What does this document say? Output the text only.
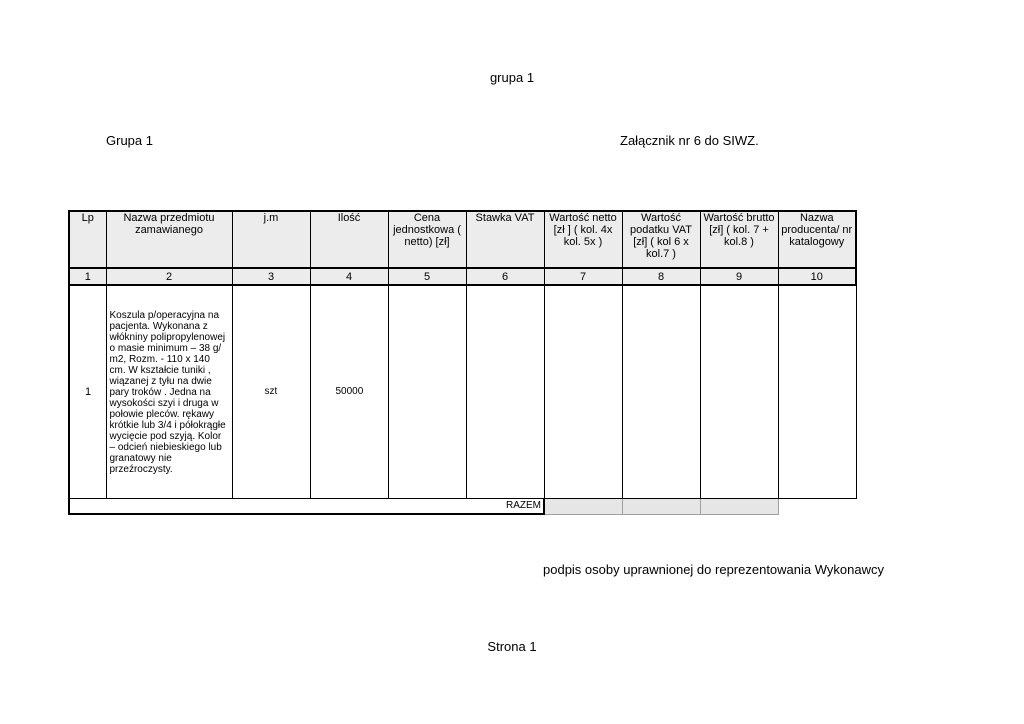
grupa 1
Grupa 1	Załącznik nr 6 do SIWZ.
Lp	Nazwa przedmiotu zamawianego	j.m	Ilość	Cena jednostkowa ( netto) [zł]	Stawka VAT	Wartość netto [zł ] ( kol. 4x kol. 5x )	Wartość podatku VAT [zł] ( kol 6 x kol.7 )	Wartość brutto [zł] ( kol. 7 + kol.8 )	Nazwa producenta/ nr katalogowy
1	2	3	4	5	6	7	8	9	10
1	Koszula p/operacyjna na pacjenta. Wykonana z włókniny polipropylenowej o masie minimum – 38 g/ m2, Rozm. - 110 x 140 cm. W kształcie tuniki , wiązanej z tyłu na dwie pary troków . Jedna na wysokości szyi i druga w połowie pleców. rękawy krótkie lub 3/4 i półokrągłe wycięcie pod szyją. Kolor – odcień niebieskiego lub granatowy nie przeźroczysty.	szt	50000						
RAZEM									
podpis osoby uprawnionej do reprezentowania Wykonawcy
Strona 1
